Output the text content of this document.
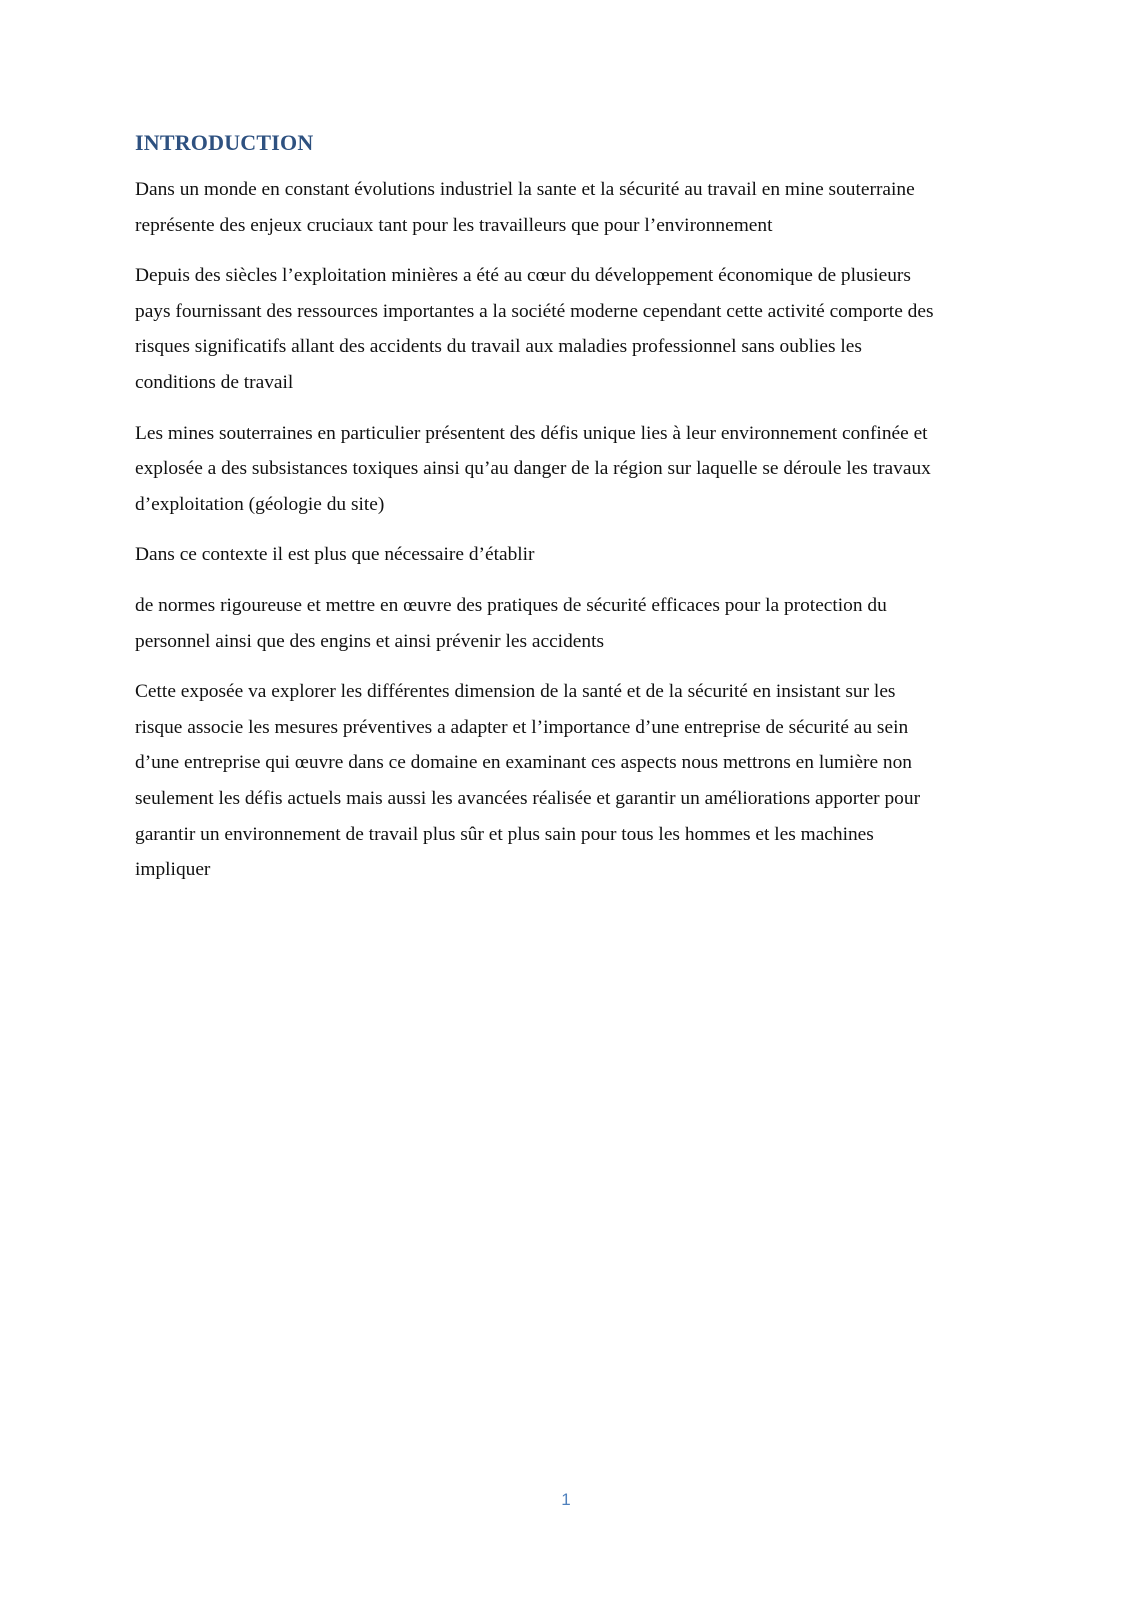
INTRODUCTION

Dans un monde en constant évolutions industriel la sante et la sécurité au travail en mine souterraine
représente des enjeux cruciaux tant pour les travailleurs que pour l’environnement

Depuis des siècles l’exploitation minières a été au cœur du développement économique de plusieurs
pays fournissant des ressources importantes a la société moderne cependant cette activité comporte des
risques significatifs allant des accidents du travail aux maladies professionnel sans oublies les
conditions de travail

Les mines souterraines en particulier présentent des défis unique lies à leur environnement confinée et
explosée a des subsistances toxiques ainsi qu’au danger de la région sur laquelle se déroule les travaux
d’exploitation (géologie du site)

Dans ce contexte il est plus que nécessaire d’établir

de normes rigoureuse et mettre en œuvre des pratiques de sécurité efficaces pour la protection du
personnel ainsi que des engins et ainsi prévenir les accidents

Cette exposée va explorer les différentes dimension de la santé et de la sécurité en insistant sur les
risque associe les mesures préventives a adapter et l’importance d’une entreprise de sécurité au sein
d’une entreprise qui œuvre dans ce domaine en examinant ces aspects nous mettrons en lumière non
seulement les défis actuels mais aussi les avancées réalisée et garantir un améliorations apporter pour
garantir un environnement de travail plus sûr et plus sain pour tous les hommes et les machines
impliquer

1
